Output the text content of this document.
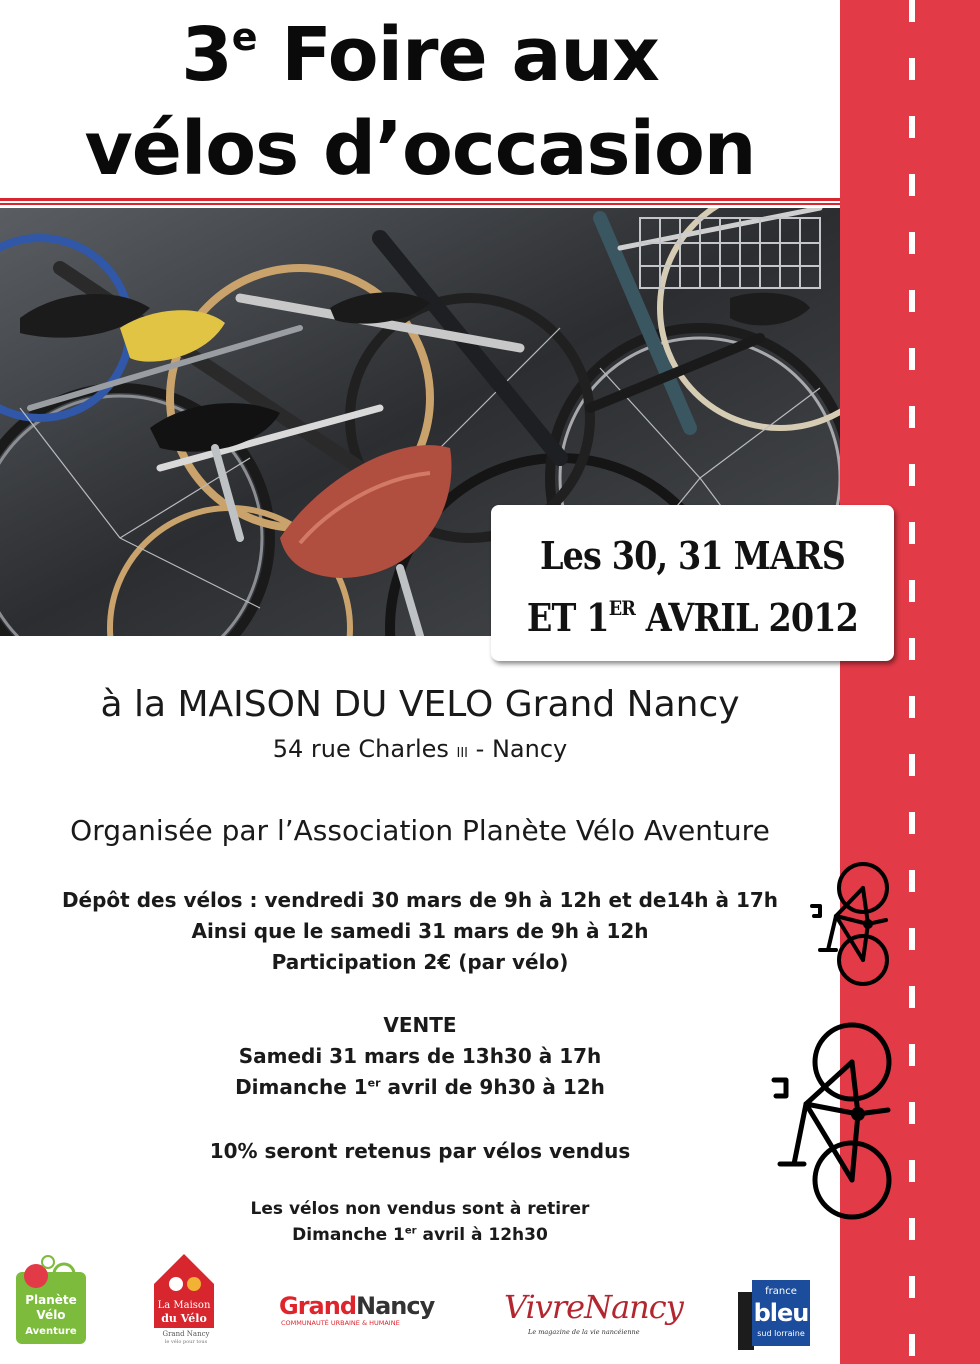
3e Foire aux
vélos d’occasion
Les 30, 31 MARS
ET 1ER AVRIL 2012
à la MAISON DU VELO Grand Nancy
54 rue Charles III - Nancy
Organisée par l’Association Planète Vélo Aventure
Dépôt des vélos : vendredi 30 mars de 9h à 12h et de14h à 17h
Ainsi que le samedi 31 mars de 9h à 12h
Participation 2€ (par vélo)
VENTE
Samedi 31 mars de 13h30 à 17h
Dimanche 1er avril de 9h30 à 12h
10% seront retenus par vélos vendus
Les vélos non vendus sont à retirer
Dimanche 1er avril à 12h30
Planète
Vélo
Aventure
La Maison
du Vélo
Grand Nancy
le vélo pour tous
GrandNancy
COMMUNAUTÉ URBAINE & HUMAINE	VivreNancy
Le magazine de la vie nancéienne
france
bleu
sud lorraine
